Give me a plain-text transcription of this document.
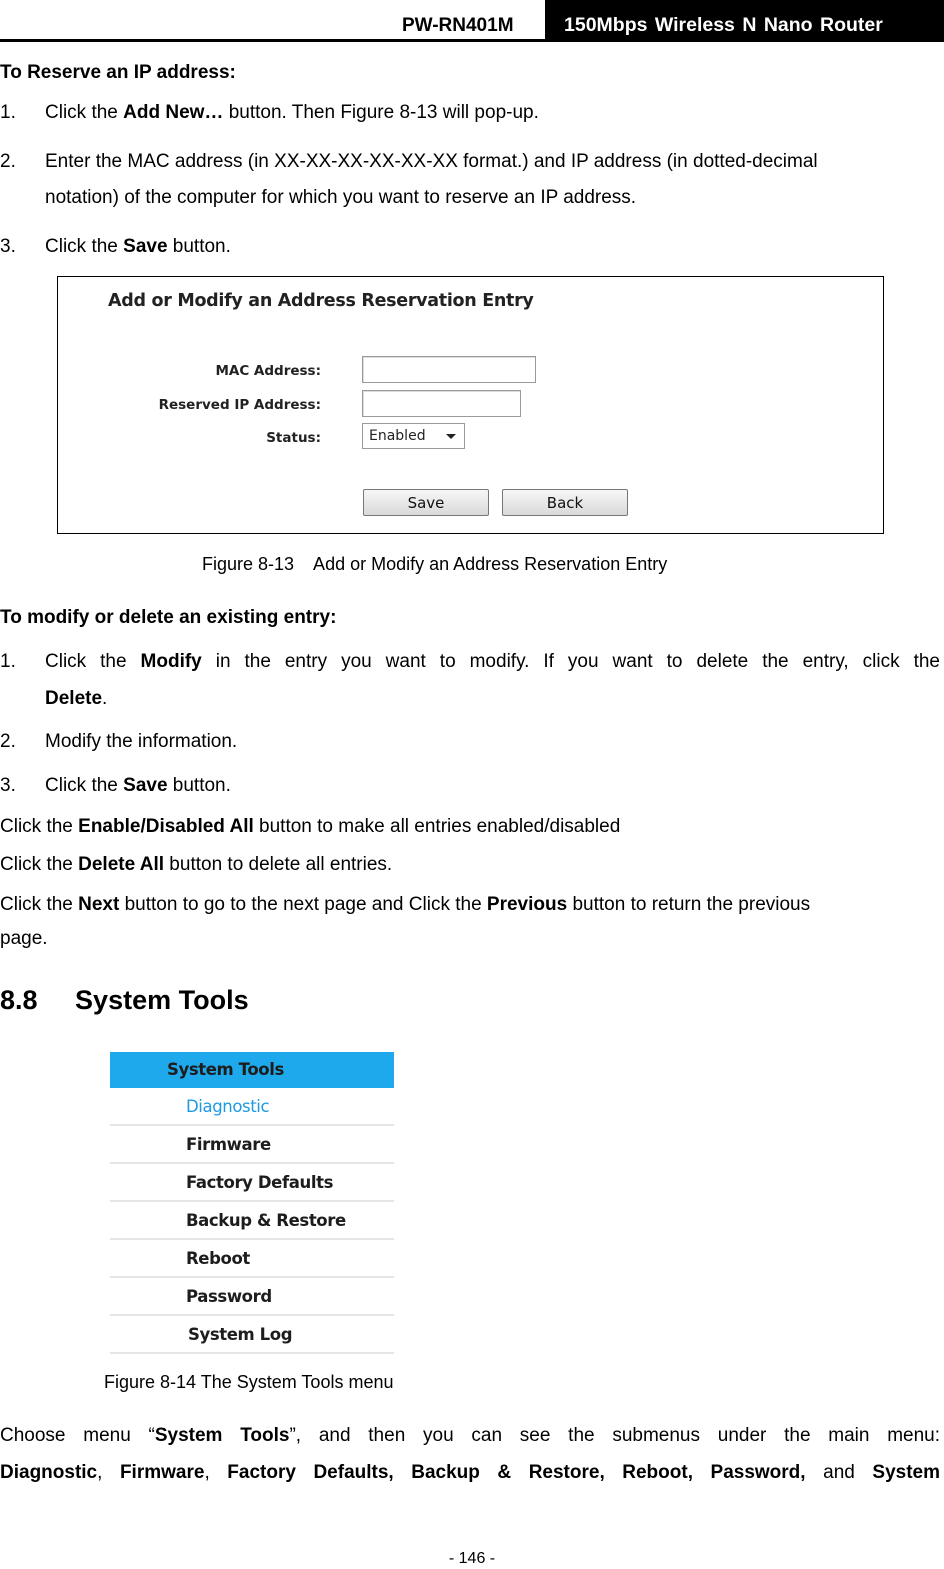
PW-RN401M	150Mbps Wireless N Nano Router
To Reserve an IP address:
1. Click the Add New… button. Then Figure 8-13 will pop-up.
2. Enter the MAC address (in XX-XX-XX-XX-XX-XX format.) and IP address (in dotted-decimal
notation) of the computer for which you want to reserve an IP address.
3. Click the Save button.
Add or Modify an Address Reservation Entry
MAC Address:
Reserved IP Address:
Status:	Enabled
Save	Back
Figure 8-13    Add or Modify an Address Reservation Entry
To modify or delete an existing entry:
1. Click the Modify in the entry you want to modify. If you want to delete the entry, click the
Delete.
2. Modify the information.
3. Click the Save button.
Click the Enable/Disabled All button to make all entries enabled/disabled
Click the Delete All button to delete all entries.
Click the Next button to go to the next page and Click the Previous button to return the previous
page.
8.8     System Tools
System Tools
Diagnostic
Firmware
Factory Defaults
Backup & Restore
Reboot
Password
System Log
Figure 8-14 The System Tools menu
Choose menu “System Tools”, and then you can see the submenus under the main menu:
Diagnostic, Firmware, Factory Defaults, Backup & Restore, Reboot, Password, and System
- 146 -
